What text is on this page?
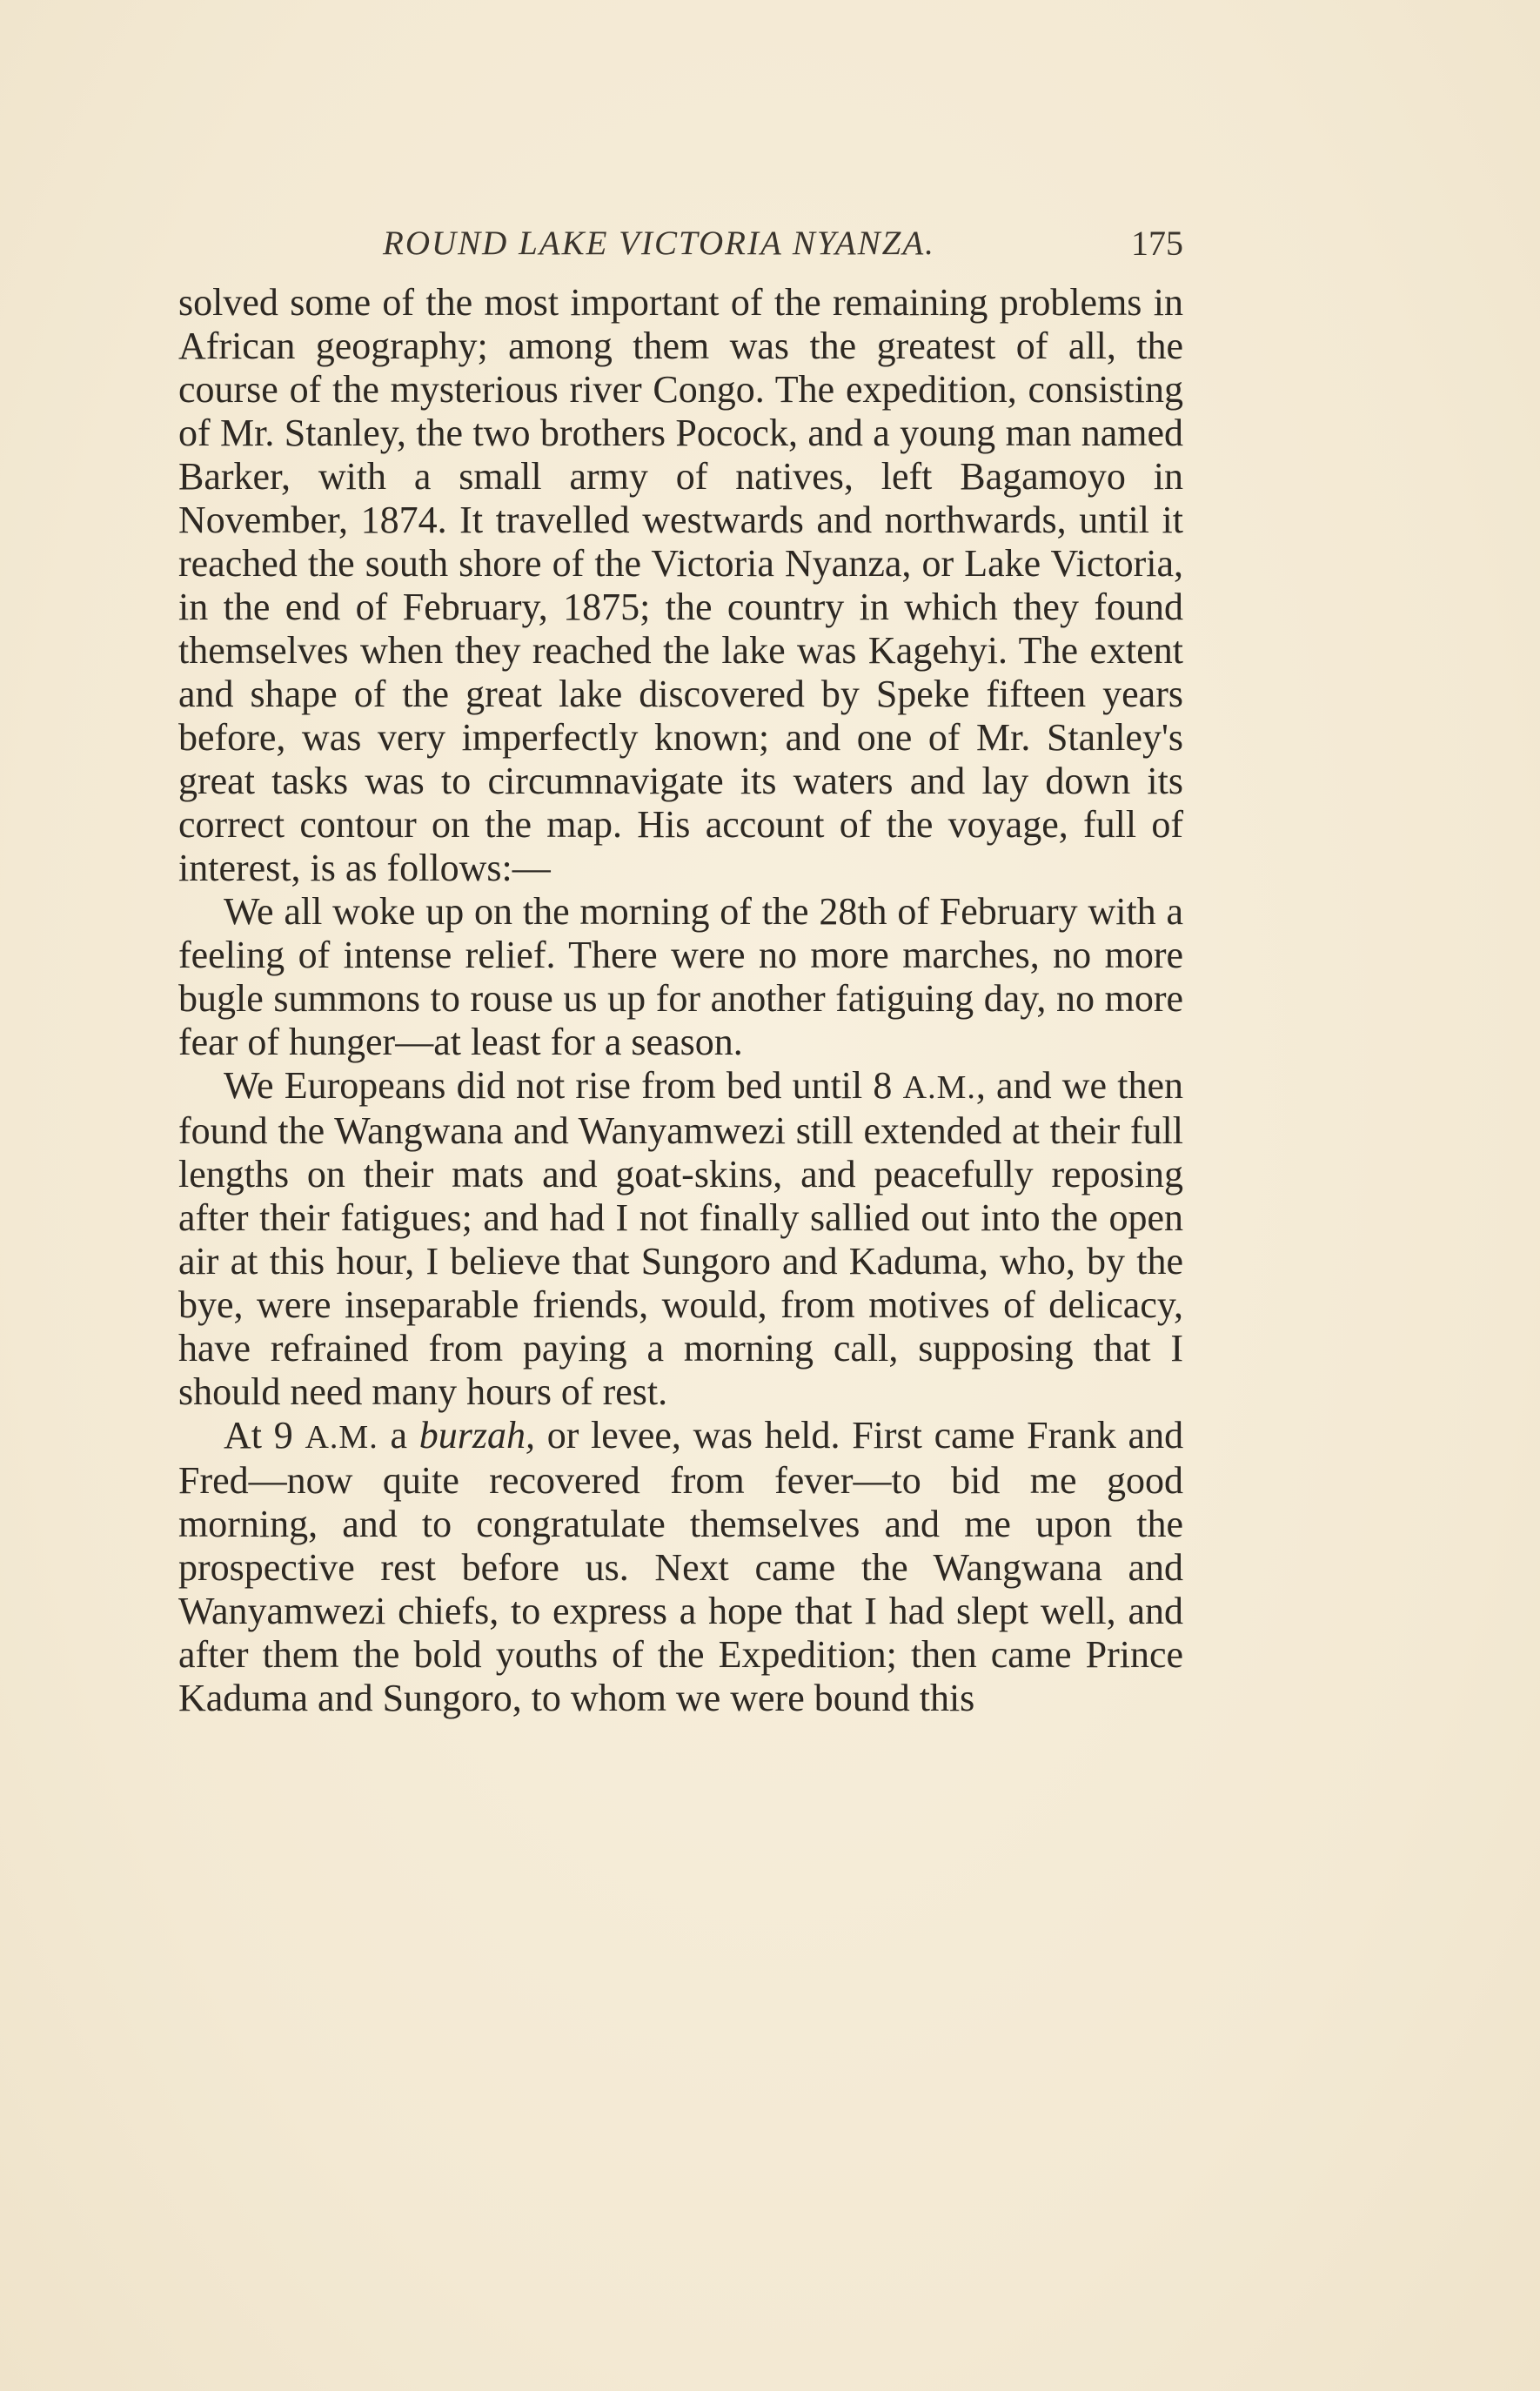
ROUND LAKE VICTORIA NYANZA.	175

solved some of the most important of the remaining problems in African geography; among them was the greatest of all, the course of the mysterious river Congo. The expedition, consisting of Mr. Stanley, the two brothers Pocock, and a young man named Barker, with a small army of natives, left Bagamoyo in November, 1874. It travelled westwards and northwards, until it reached the south shore of the Victoria Nyanza, or Lake Victoria, in the end of February, 1875; the country in which they found themselves when they reached the lake was Kagehyi. The extent and shape of the great lake discovered by Speke fifteen years before, was very imperfectly known; and one of Mr. Stanley's great tasks was to circumnavigate its waters and lay down its correct contour on the map. His account of the voyage, full of interest, is as follows:—

We all woke up on the morning of the 28th of February with a feeling of intense relief. There were no more marches, no more bugle summons to rouse us up for another fatiguing day, no more fear of hunger—at least for a season.

We Europeans did not rise from bed until 8 A.M., and we then found the Wangwana and Wanyamwezi still extended at their full lengths on their mats and goat-skins, and peacefully reposing after their fatigues; and had I not finally sallied out into the open air at this hour, I believe that Sungoro and Kaduma, who, by the bye, were inseparable friends, would, from motives of delicacy, have refrained from paying a morning call, supposing that I should need many hours of rest.

At 9 A.M. a burzah, or levee, was held. First came Frank and Fred—now quite recovered from fever—to bid me good morning, and to congratulate themselves and me upon the prospective rest before us. Next came the Wangwana and Wanyamwezi chiefs, to express a hope that I had slept well, and after them the bold youths of the Expedition; then came Prince Kaduma and Sungoro, to whom we were bound this
